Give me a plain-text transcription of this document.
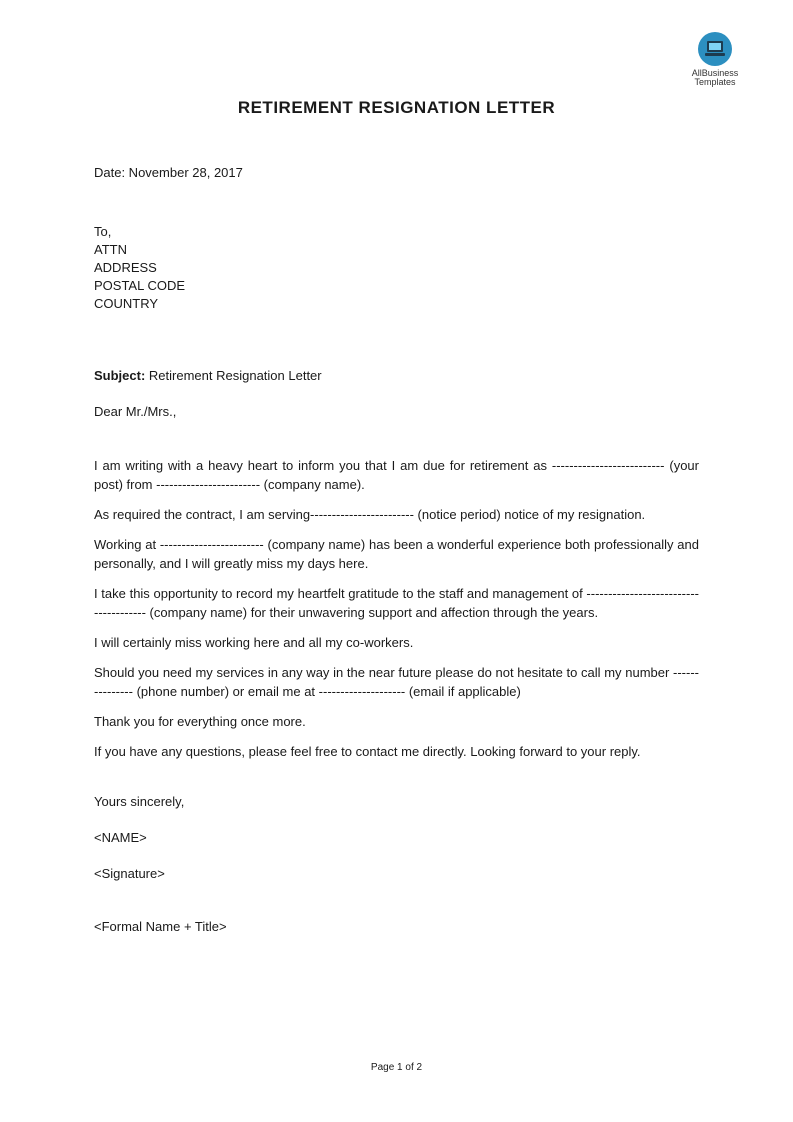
AllBusiness
Templates
RETIREMENT RESIGNATION LETTER
Date: November 28, 2017
To,
ATTN
ADDRESS
POSTAL CODE
COUNTRY
Subject: Retirement Resignation Letter
Dear Mr./Mrs.,

I am writing with a heavy heart to inform you that I am due for retirement as -------------------------- (your post) from ------------------------ (company name).

As required the contract, I am serving------------------------ (notice period) notice of my resignation.

Working at ------------------------ (company name) has been a wonderful experience both professionally and personally, and I will greatly miss my days here.

I take this opportunity to record my heartfelt gratitude to the staff and management of -------------------------------------- (company name) for their unwavering support and affection through the years.

I will certainly miss working here and all my co-workers.

Should you need my services in any way in the near future please do not hesitate to call my number --------------- (phone number) or email me at -------------------- (email if applicable)

Thank you for everything once more.

If you have any questions, please feel free to contact me directly. Looking forward to your reply.

Yours sincerely,

<NAME>

<Signature>

<Formal Name + Title>

Page 1 of 2
